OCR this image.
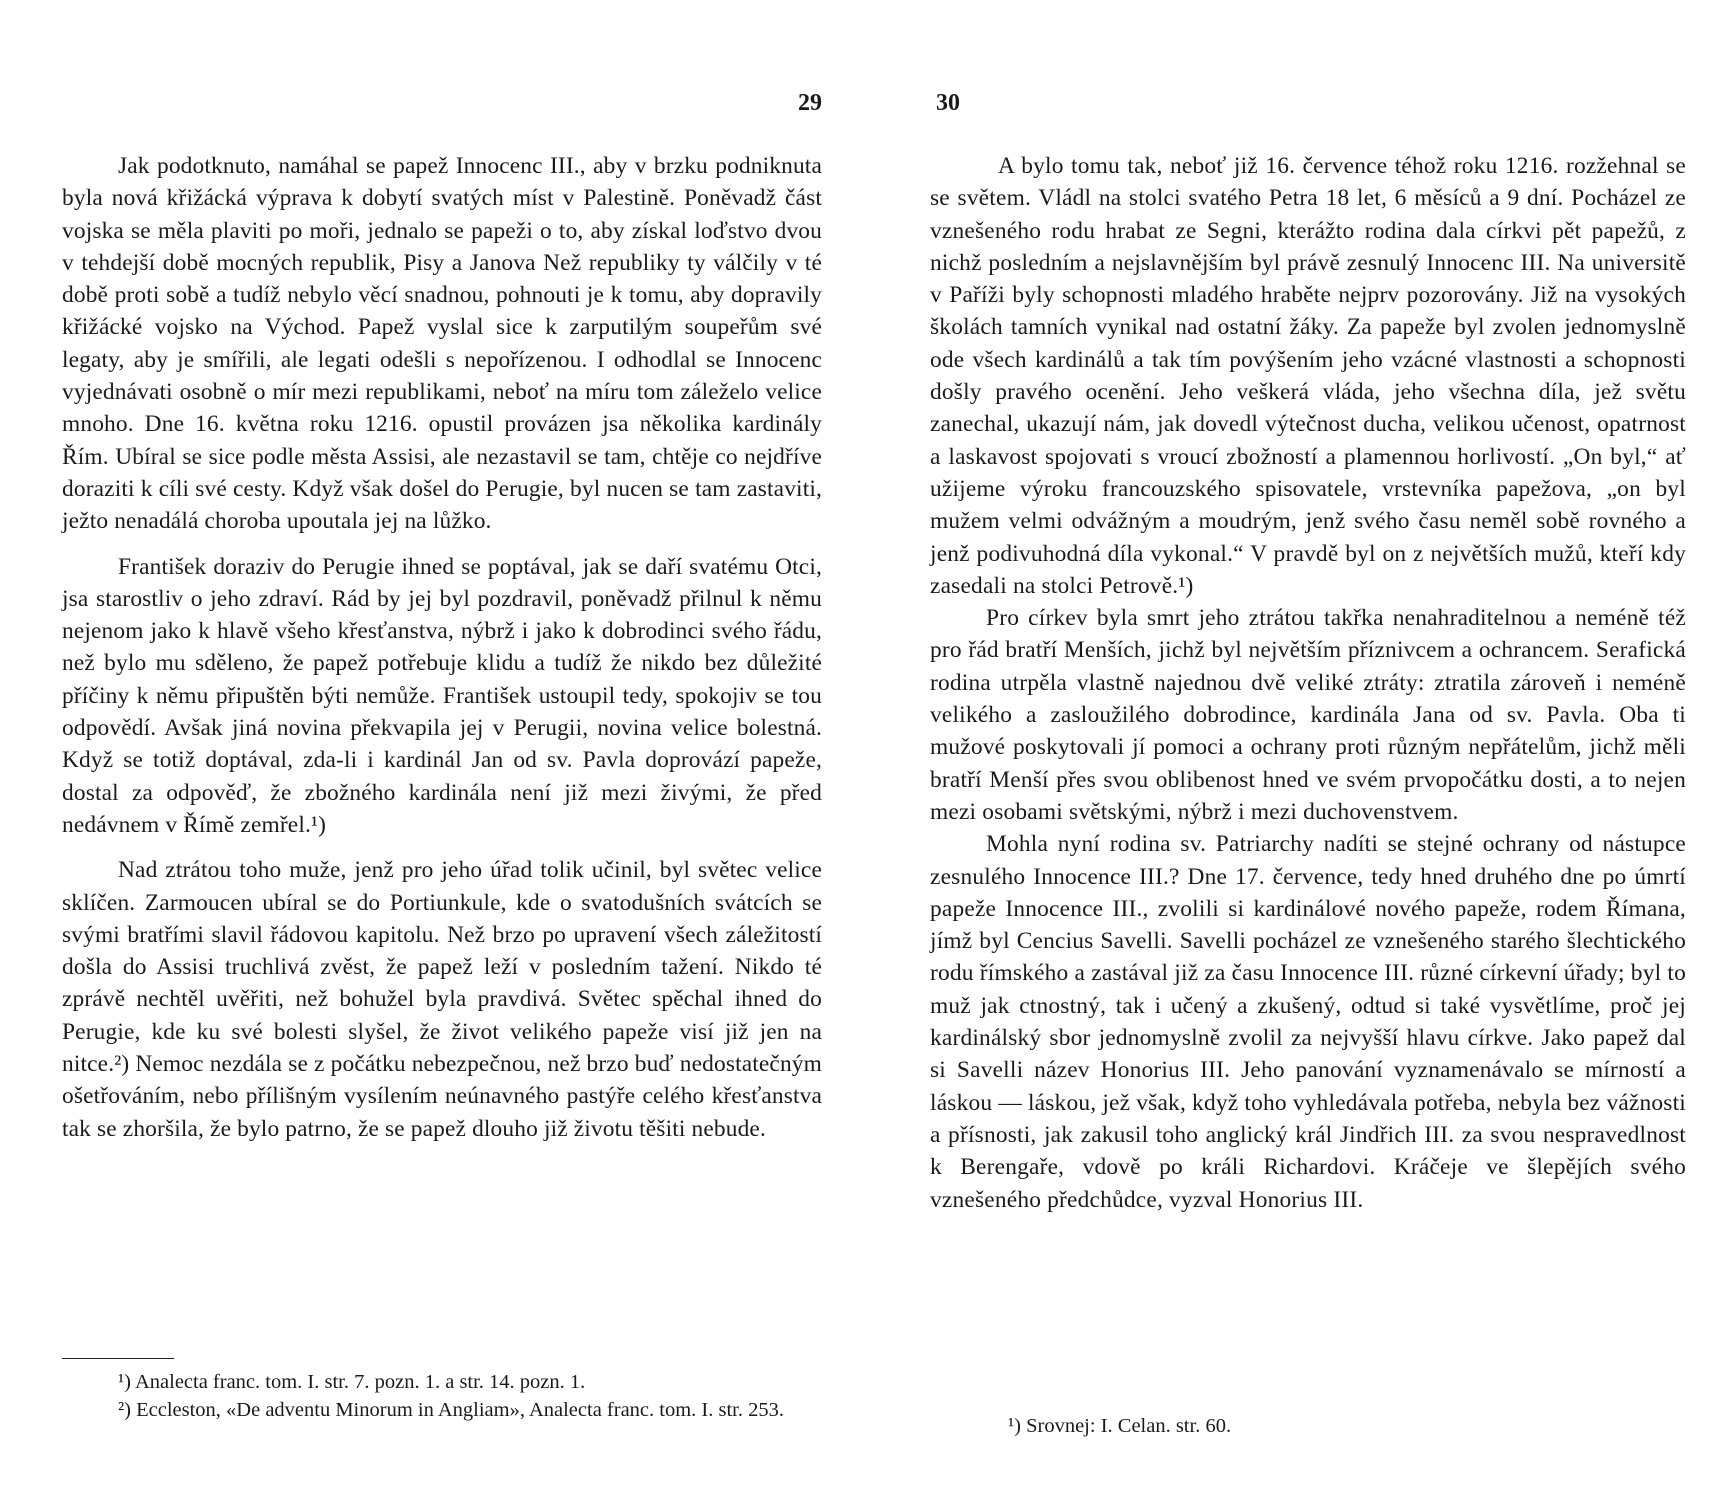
29

Jak podotknuto, namáhal se papež Innocenc III., aby v brzku podniknuta byla nová křižácká výprava k dobytí svatých míst v Palestině. Poněvadž část vojska se měla plaviti po moři, jednalo se papeži o to, aby získal loďstvo dvou v tehdejší době mocných republik, Pisy a Janova Než republiky ty válčily v té době proti sobě a tudíž nebylo věcí snadnou, pohnouti je k tomu, aby dopravily křižácké vojsko na Východ. Papež vyslal sice k zarputilým soupeřům své legaty, aby je smířili, ale legati odešli s nepořízenou. I odhodlal se Innocenc vyjednávati osobně o mír mezi republikami, neboť na míru tom záleželo velice mnoho. Dne 16. května roku 1216. opustil provázen jsa několika kardinály Řím. Ubíral se sice podle města Assisi, ale nezastavil se tam, chtěje co nejdříve doraziti k cíli své cesty. Když však došel do Perugie, byl nucen se tam zastaviti, ježto nenadálá choroba upoutala jej na lůžko.

František doraziv do Perugie ihned se poptával, jak se daří svatému Otci, jsa starostliv o jeho zdraví. Rád by jej byl pozdravil, poněvadž přilnul k němu nejenom jako k hlavě všeho křesťanstva, nýbrž i jako k dobrodinci svého řádu, než bylo mu sděleno, že papež potřebuje klidu a tudíž že nikdo bez důležité příčiny k němu připuštěn býti nemůže. František ustoupil tedy, spokojiv se tou odpovědí. Avšak jiná novina překvapila jej v Perugii, novina velice bolestná. Když se totiž doptával, zda-li i kardinál Jan od sv. Pavla doprovází papeže, dostal za odpověď, že zbožného kardinála není již mezi živými, že před nedávnem v Římě zemřel.¹)

Nad ztrátou toho muže, jenž pro jeho úřad tolik učinil, byl světec velice sklíčen. Zarmoucen ubíral se do Portiunkule, kde o svatodušních svátcích se svými bratřími slavil řádovou kapitolu. Než brzo po upravení všech záležitostí došla do Assisi truchlivá zvěst, že papež leží v posledním tažení. Nikdo té zprávě nechtěl uvěřiti, než bohužel byla pravdivá. Světec spěchal ihned do Perugie, kde ku své bolesti slyšel, že život velikého papeže visí již jen na nitce.²) Nemoc nezdála se z počátku nebezpečnou, než brzo buď nedostatečným ošetřováním, nebo přílišným vysílením neúnavného pastýře celého křesťanstva tak se zhoršila, že bylo patrno, že se papež dlouho již životu těšiti nebude.

¹) Analecta franc. tom. I. str. 7. pozn. 1. a str. 14. pozn. 1.

²) Eccleston, «De adventu Minorum in Angliam», Analecta franc. tom. I. str. 253.

30

A bylo tomu tak, neboť již 16. července téhož roku 1216. rozžehnal se se světem. Vládl na stolci svatého Petra 18 let, 6 měsíců a 9 dní. Pocházel ze vznešeného rodu hrabat ze Segni, kterážto rodina dala církvi pět papežů, z nichž posledním a nejslavnějším byl právě zesnulý Innocenc III. Na universitě v Paříži byly schopnosti mladého hraběte nejprv pozorovány. Již na vysokých školách tamních vynikal nad ostatní žáky. Za papeže byl zvolen jednomyslně ode všech kardinálů a tak tím povýšením jeho vzácné vlastnosti a schopnosti došly pravého ocenění. Jeho veškerá vláda, jeho všechna díla, jež světu zanechal, ukazují nám, jak dovedl výtečnost ducha, velikou učenost, opatrnost a laskavost spojovati s vroucí zbožností a plamennou horlivostí. „On byl,“ ať užijeme výroku francouzského spisovatele, vrstevníka papežova, „on byl mužem velmi odvážným a moudrým, jenž svého času neměl sobě rovného a jenž podivuhodná díla vykonal.“ V pravdě byl on z největších mužů, kteří kdy zasedali na stolci Petrově.¹)

Pro církev byla smrt jeho ztrátou takřka nenahraditelnou a neméně též pro řád bratří Menších, jichž byl největším příznivcem a ochrancem. Serafická rodina utrpěla vlastně najednou dvě veliké ztráty: ztratila zároveň i neméně velikého a zasloužilého dobrodince, kardinála Jana od sv. Pavla. Oba ti mužové poskytovali jí pomoci a ochrany proti různým nepřátelům, jichž měli bratří Menší přes svou oblibenost hned ve svém prvopočátku dosti, a to nejen mezi osobami světskými, nýbrž i mezi duchovenstvem.

Mohla nyní rodina sv. Patriarchy nadíti se stejné ochrany od nástupce zesnulého Innocence III.? Dne 17. července, tedy hned druhého dne po úmrtí papeže Innocence III., zvolili si kardinálové nového papeže, rodem Římana, jímž byl Cencius Savelli. Savelli pocházel ze vznešeného starého šlechtického rodu římského a zastával již za času Innocence III. různé církevní úřady; byl to muž jak ctnostný, tak i učený a zkušený, odtud si také vysvětlíme, proč jej kardinálský sbor jednomyslně zvolil za nejvyšší hlavu církve. Jako papež dal si Savelli název Honorius III. Jeho panování vyznamenávalo se mírností a láskou — láskou, jež však, když toho vyhledávala potřeba, nebyla bez vážnosti a přísnosti, jak zakusil toho anglický král Jindřich III. za svou nespravedlnost k Berengaře, vdově po králi Richardovi. Kráčeje ve šlepějích svého vznešeného předchůdce, vyzval Honorius III.

¹) Srovnej: I. Celan. str. 60.
